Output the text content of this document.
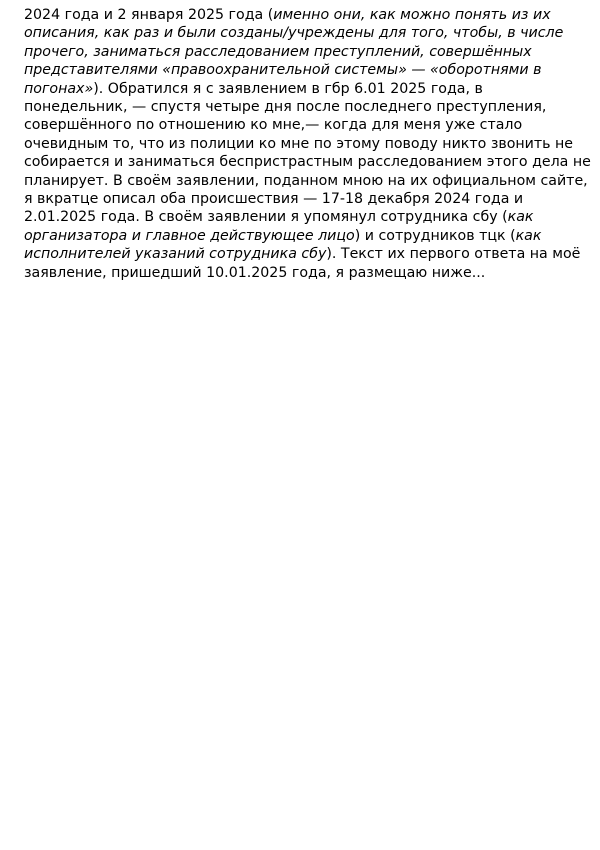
2024 года и 2 января 2025 года (именно они, как можно понять из их
описания, как раз и были созданы/учреждены для того, чтобы, в числе
прочего, заниматься расследованием преступлений, совершённых
представителями «правоохранительной системы» — «оборотнями в
погонах»). Обратился я с заявлением в гбр 6.01 2025 года, в
понедельник, — спустя четыре дня после последнего преступления,
совершённого по отношению ко мне,— когда для меня уже стало
очевидным то, что из полиции ко мне по этому поводу никто звонить не
собирается и заниматься беспристрастным расследованием этого дела не
планирует. В своём заявлении, поданном мною на их официальном сайте,
я вкратце описал оба происшествия — 17-18 декабря 2024 года и
2.01.2025 года. В своём заявлении я упомянул сотрудника сбу (как
организатора и главное действующее лицо) и сотрудников тцк (как
исполнителей указаний сотрудника сбу). Текст их первого ответа на моё
заявление, пришедший 10.01.2025 года, я размещаю ниже...
